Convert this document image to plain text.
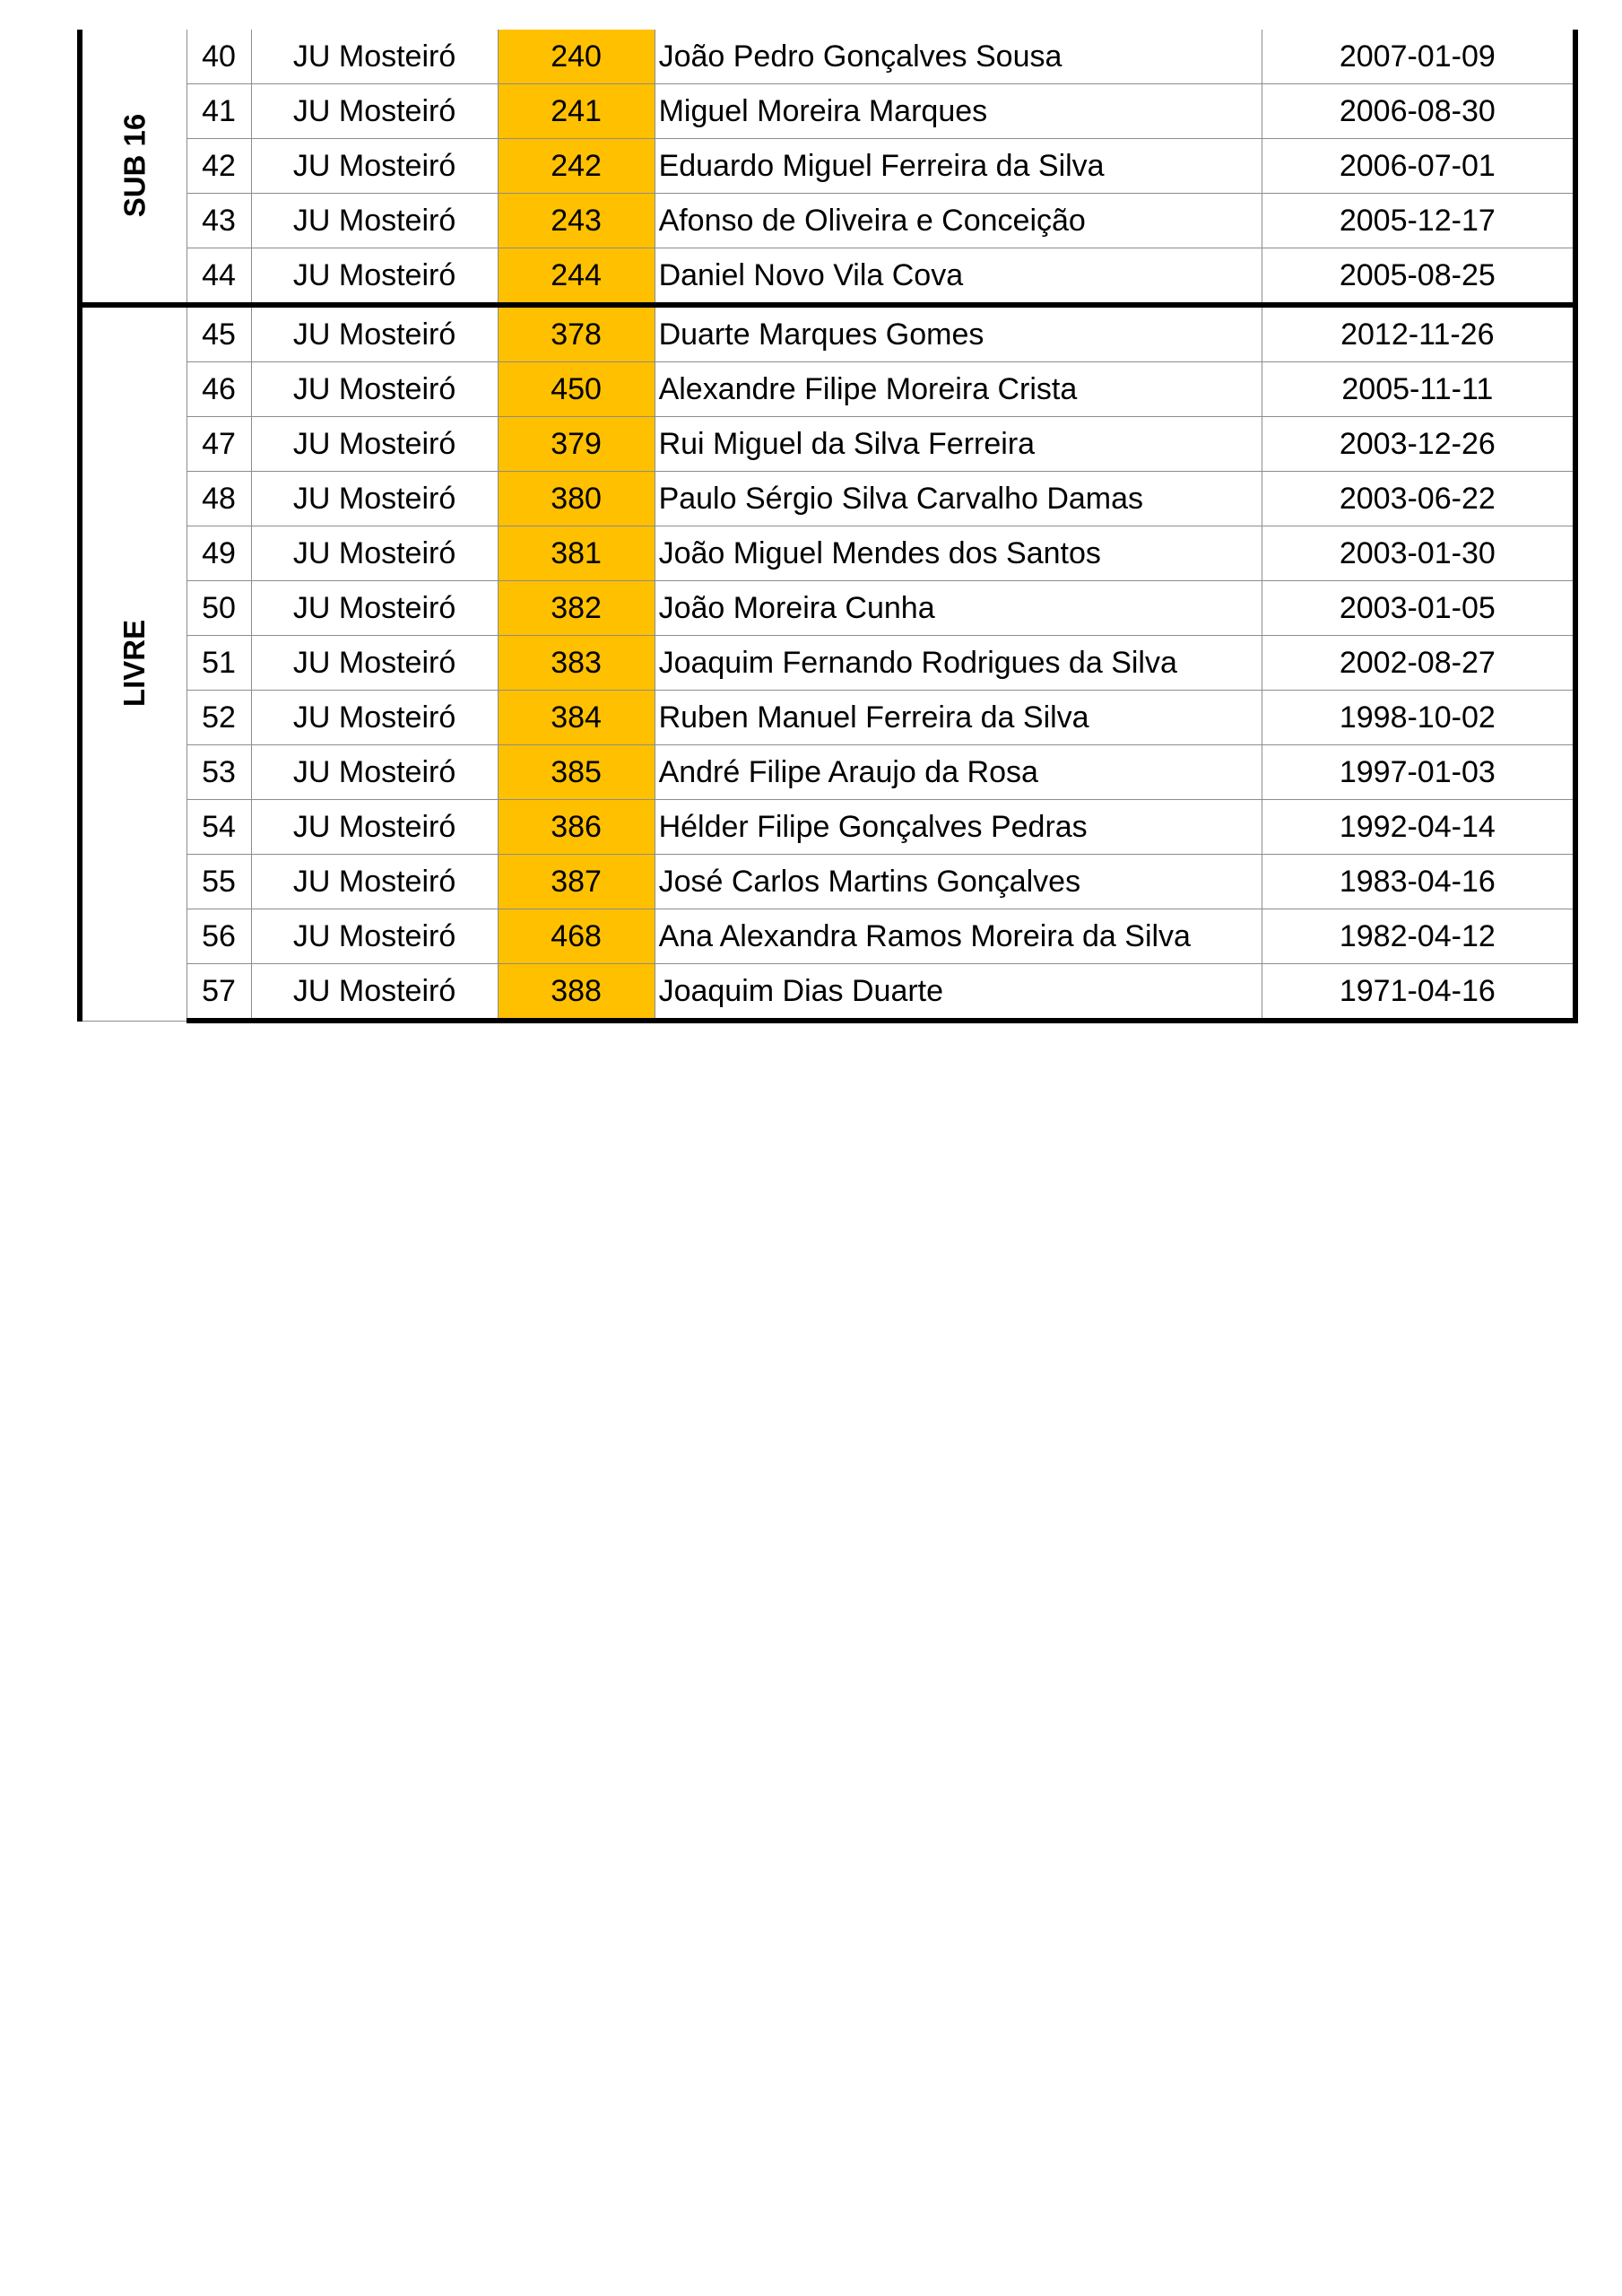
SUB 16	40	JU Mosteiró	240	João Pedro Gonçalves Sousa	2007-01-09
	41	JU Mosteiró	241	Miguel Moreira Marques	2006-08-30
	42	JU Mosteiró	242	Eduardo Miguel Ferreira da Silva	2006-07-01
	43	JU Mosteiró	243	Afonso de Oliveira e Conceição	2005-12-17
	44	JU Mosteiró	244	Daniel Novo Vila Cova	2005-08-25
LIVRE	45	JU Mosteiró	378	Duarte Marques Gomes	2012-11-26
	46	JU Mosteiró	450	Alexandre Filipe Moreira Crista	2005-11-11
	47	JU Mosteiró	379	Rui Miguel da Silva Ferreira	2003-12-26
	48	JU Mosteiró	380	Paulo Sérgio Silva Carvalho Damas	2003-06-22
	49	JU Mosteiró	381	João Miguel Mendes dos Santos	2003-01-30
	50	JU Mosteiró	382	João Moreira Cunha	2003-01-05
	51	JU Mosteiró	383	Joaquim Fernando Rodrigues da Silva	2002-08-27
	52	JU Mosteiró	384	Ruben Manuel Ferreira da Silva	1998-10-02
	53	JU Mosteiró	385	André Filipe Araujo da Rosa	1997-01-03
	54	JU Mosteiró	386	Hélder Filipe Gonçalves Pedras	1992-04-14
	55	JU Mosteiró	387	José Carlos Martins Gonçalves	1983-04-16
	56	JU Mosteiró	468	Ana Alexandra Ramos Moreira da Silva	1982-04-12
	57	JU Mosteiró	388	Joaquim Dias Duarte	1971-04-16
